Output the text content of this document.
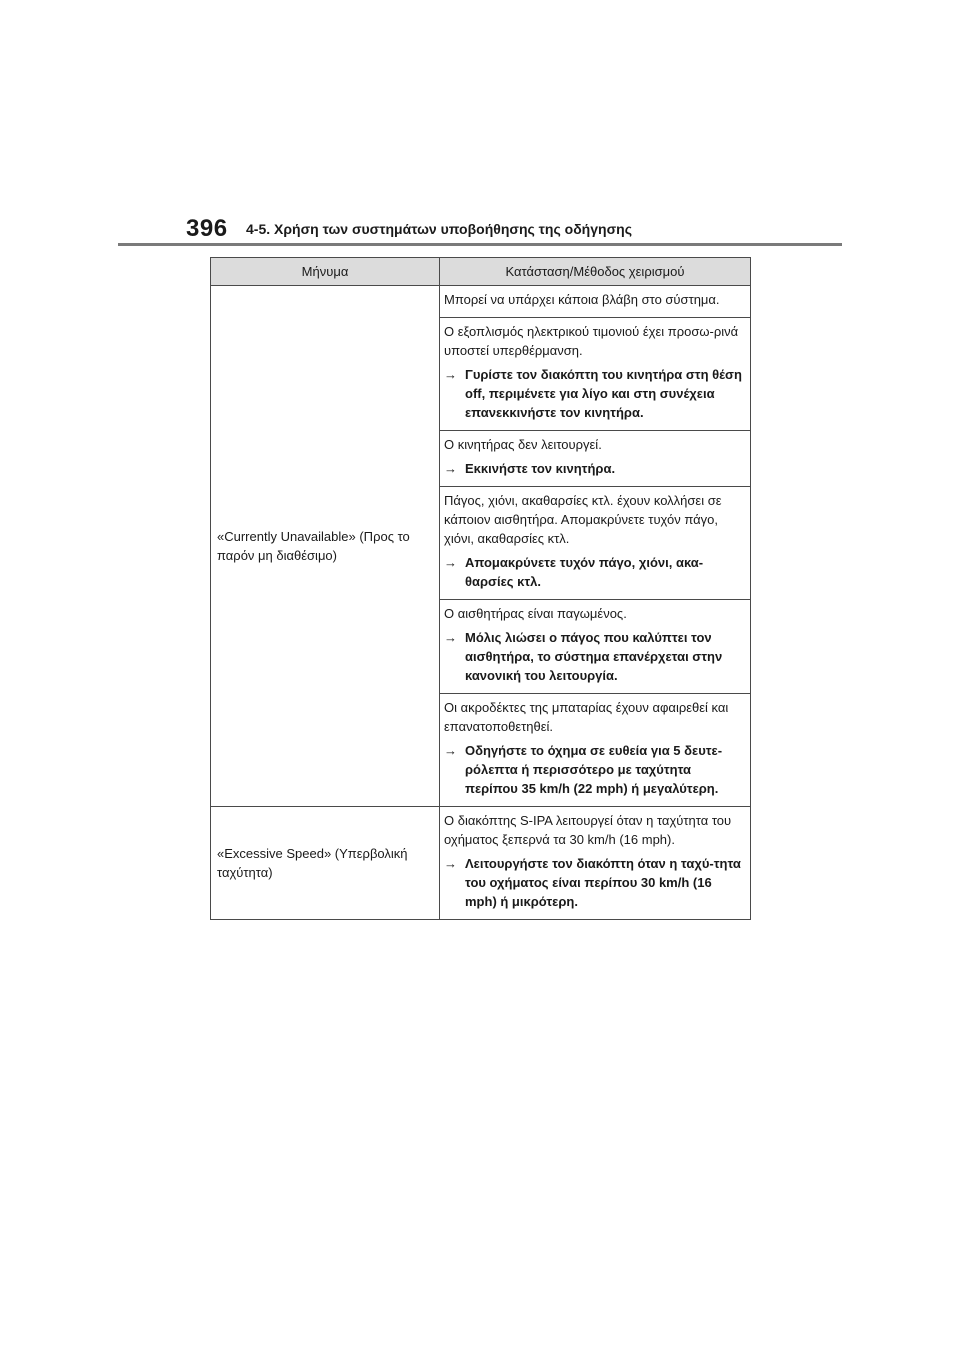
396 4-5. Χρήση των συστημάτων υποβοήθησης της οδήγησης
Μήνυμα	Κατάσταση/Μέθοδος χειρισμού
«Currently Unavailable» (Προς το παρόν μη διαθέσιμο)	Μπορεί να υπάρχει κάποια βλάβη στο σύστημα.

	Ο εξοπλισμός ηλεκτρικού τιμονιού έχει προσω-ρινά υποστεί υπερθέρμανση.

→ Γυρίστε τον διακόπτη του κινητήρα στη θέση off, περιμένετε για λίγο και στη συνέχεια επανεκκινήστε τον κινητήρα.

	Ο κινητήρας δεν λειτουργεί.

→ Εκκινήστε τον κινητήρα.

	Πάγος, χιόνι, ακαθαρσίες κτλ. έχουν κολλήσει σε κάποιον αισθητήρα. Απομακρύνετε τυχόν πάγο, χιόνι, ακαθαρσίες κτλ.

→ Απομακρύνετε τυχόν πάγο, χιόνι, ακα-θαρσίες κτλ.

	Ο αισθητήρας είναι παγωμένος.

→ Μόλις λιώσει ο πάγος που καλύπτει τον αισθητήρα, το σύστημα επανέρχεται στην κανονική του λειτουργία.

	Οι ακροδέκτες της μπαταρίας έχουν αφαιρεθεί και επανατοποθετηθεί.

→ Οδηγήστε το όχημα σε ευθεία για 5 δευτε-ρόλεπτα ή περισσότερο με ταχύτητα περίπου 35 km/h (22 mph) ή μεγαλύτερη.

«Excessive Speed» (Υπερβολική ταχύτητα)	Ο διακόπτης S-IPA λειτουργεί όταν η ταχύτητα του οχήματος ξεπερνά τα 30 km/h (16 mph).

→ Λειτουργήστε τον διακόπτη όταν η ταχύ-τητα του οχήματος είναι περίπου 30 km/h (16 mph) ή μικρότερη.
